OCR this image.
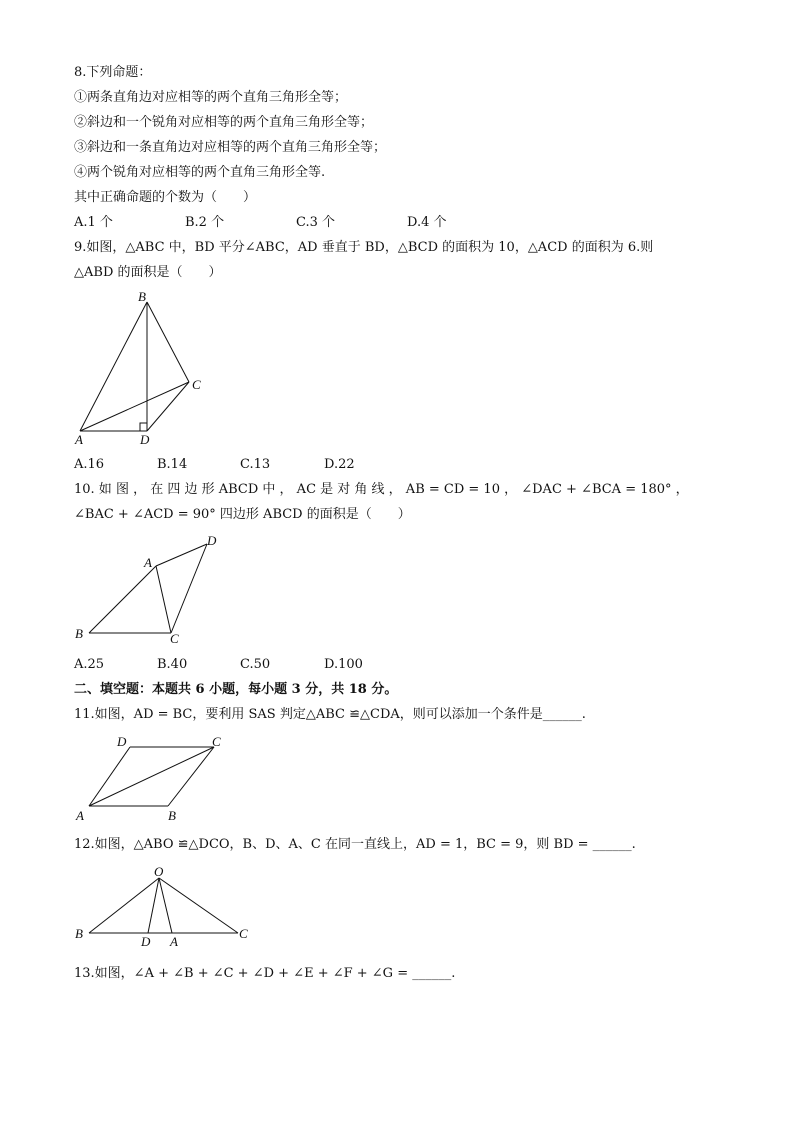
8.下列命题：
①两条直角边对应相等的两个直角三角形全等；
②斜边和一个锐角对应相等的两个直角三角形全等；
③斜边和一条直角边对应相等的两个直角三角形全等；
④两个锐角对应相等的两个直角三角形全等.
其中正确命题的个数为（　　）
A.1 个	B.2 个	C.3 个	D.4 个
9.如图，△ABC 中，BD 平分∠ABC，AD 垂直于 BD，△BCD 的面积为 10，△ACD 的面积为 6.则
△ABD 的面积是（　　）
B
C
A	D
A.16	B.14	C.13	D.22
10. 如 图 ， 在 四 边 形 ABCD 中 ， AC 是 对 角 线 ， AB = CD = 10 ， ∠DAC + ∠BCA = 180° ，
∠BAC + ∠ACD = 90° 四边形 ABCD 的面积是（　　）
A
D
B	C
A.25	B.40	C.50	D.100
二、填空题：本题共 6 小题，每小题 3 分，共 18 分。
11.如图，AD = BC，要利用 SAS 判定△ABC ≌△CDA，则可以添加一个条件是______.
D	C
A	B
12.如图，△ABO ≌△DCO，B、D、A、C 在同一直线上，AD = 1，BC = 9，则 BD = ______.
O
B
D A
C
13.如图，∠A + ∠B + ∠C + ∠D + ∠E + ∠F + ∠G = ______.
